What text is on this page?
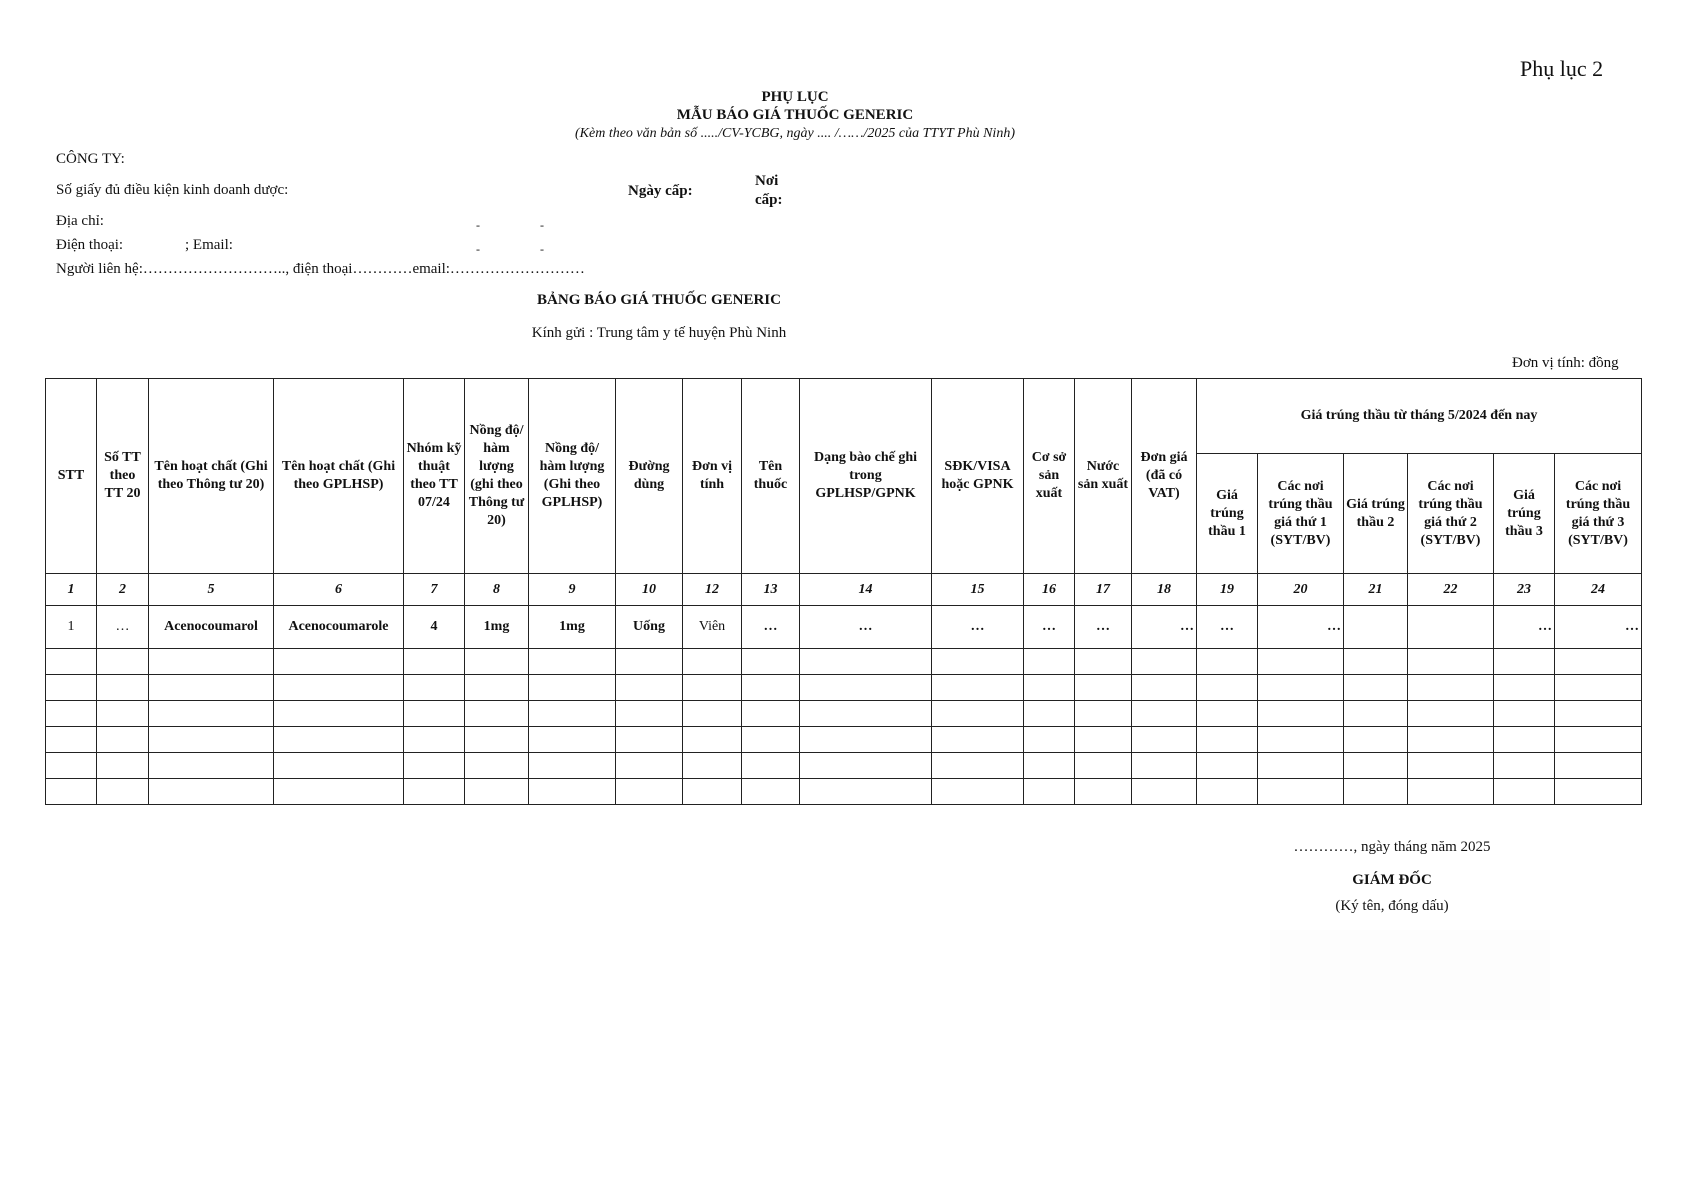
Phụ lục 2
PHỤ LỤC
MẪU BÁO GIÁ THUỐC GENERIC
(Kèm theo văn bản số ...../CV-YCBG, ngày .... /……/2025 của TTYT Phù Ninh)
CÔNG TY:
Số giấy đủ điều kiện kinh doanh dược:	Ngày cấp:
Nơi
cấp:
Địa chỉ:	-	-
Điện thoại:	; Email:	-	-
Người liên hệ:……………………….., điện thoại…………email:………………………
BẢNG BÁO GIÁ THUỐC GENERIC
Kính gửi : Trung tâm y tế huyện Phù Ninh
Đơn vị tính: đồng
STT	Số TT theo TT 20	Tên hoạt chất (Ghi theo Thông tư 20)	Tên hoạt chất (Ghi theo GPLHSP)	Nhóm kỹ thuật theo TT 07/24	Nồng độ/ hàm lượng (ghi theo Thông tư 20)	Nồng độ/ hàm lượng (Ghi theo GPLHSP)	Đường dùng	Đơn vị tính	Tên thuốc	Dạng bào chế ghi trong GPLHSP/GPNK	SĐK/VISA hoặc GPNK	Cơ sở sản xuất	Nước sản xuất	Đơn giá (đã có VAT)	Giá trúng thầu từ tháng 5/2024 đến nay					
															Giá trúng thầu 1	Các nơi trúng thầu giá thứ 1 (SYT/BV)	Giá trúng thầu 2	Các nơi trúng thầu giá thứ 2 (SYT/BV)	Giá trúng thầu 3	Các nơi trúng thầu giá thứ 3 (SYT/BV)
1	2	5	6	7	8	9	10	12	13	14	15	16	17	18	19	20	21	22	23	24
1	…	Acenocoumarol	Acenocoumarole	4	1mg	1mg	Uống	Viên	…	…	…	…	…	…	…	…			…	…

…………, ngày tháng năm 2025
GIÁM ĐỐC
(Ký tên, đóng dấu)
